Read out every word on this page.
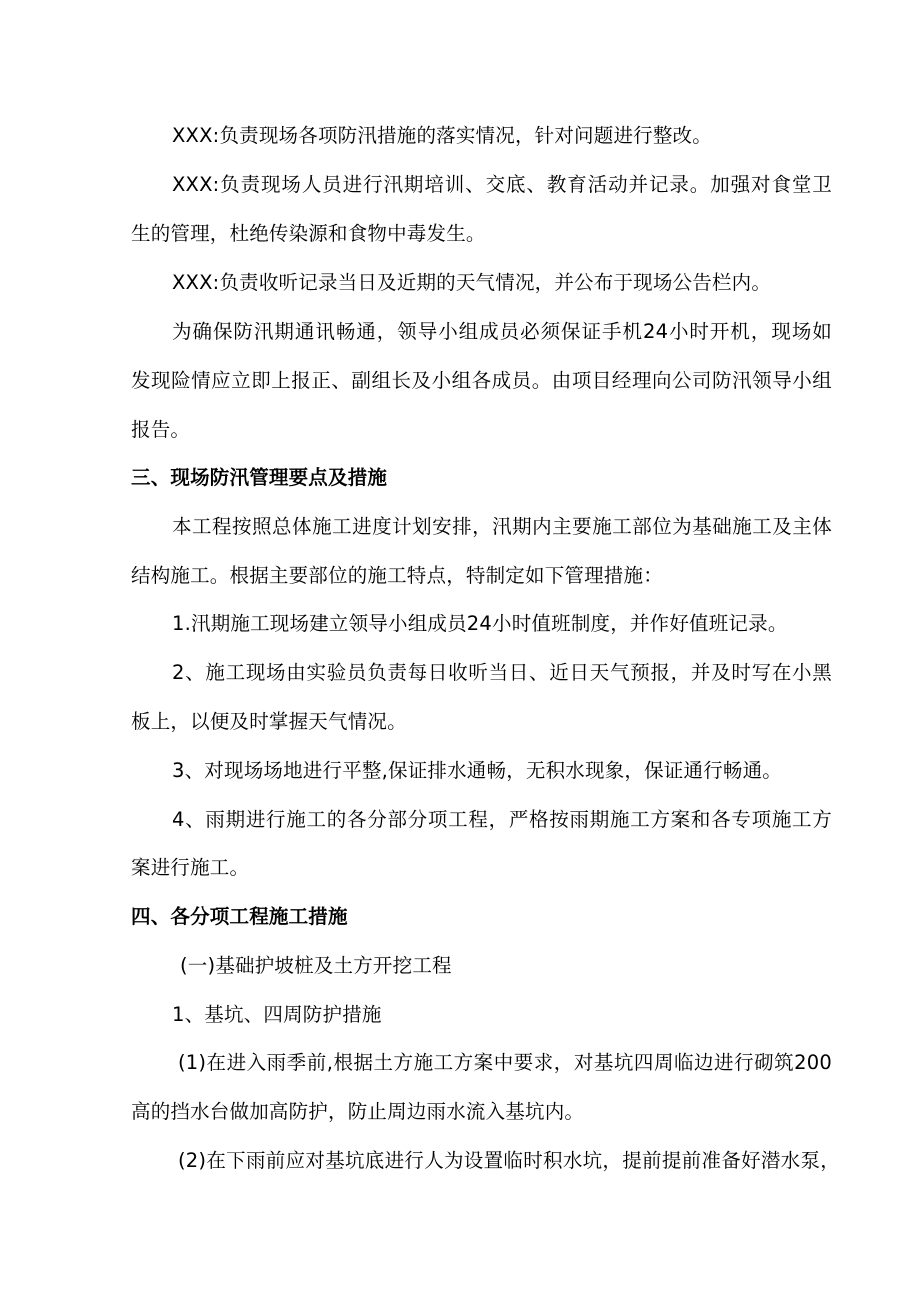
XXX:负责现场各项防汛措施的落实情况，针对问题进行整改。
XXX:负责现场人员进行汛期培训、交底、教育活动并记录。加强对食堂卫
生的管理，杜绝传染源和食物中毒发生。
XXX:负责收听记录当日及近期的天气情况，并公布于现场公告栏内。
为确保防汛期通讯畅通，领导小组成员必须保证手机24小时开机，现场如
发现险情应立即上报正、副组长及小组各成员。由项目经理向公司防汛领导小组
报告。
三、现场防汛管理要点及措施
本工程按照总体施工进度计划安排，汛期内主要施工部位为基础施工及主体
结构施工。根据主要部位的施工特点，特制定如下管理措施：
1.汛期施工现场建立领导小组成员24小时值班制度，并作好值班记录。
2、施工现场由实验员负责每日收听当日、近日天气预报，并及时写在小黑
板上，以便及时掌握天气情况。
3、对现场场地进行平整,保证排水通畅，无积水现象，保证通行畅通。
4、雨期进行施工的各分部分项工程，严格按雨期施工方案和各专项施工方
案进行施工。
四、各分项工程施工措施
(一)基础护坡桩及土方开挖工程
1、基坑、四周防护措施
(1)在进入雨季前,根据土方施工方案中要求，对基坑四周临边进行砌筑200
高的挡水台做加高防护，防止周边雨水流入基坑内。
(2)在下雨前应对基坑底进行人为设置临时积水坑，提前提前准备好潜水泵，
